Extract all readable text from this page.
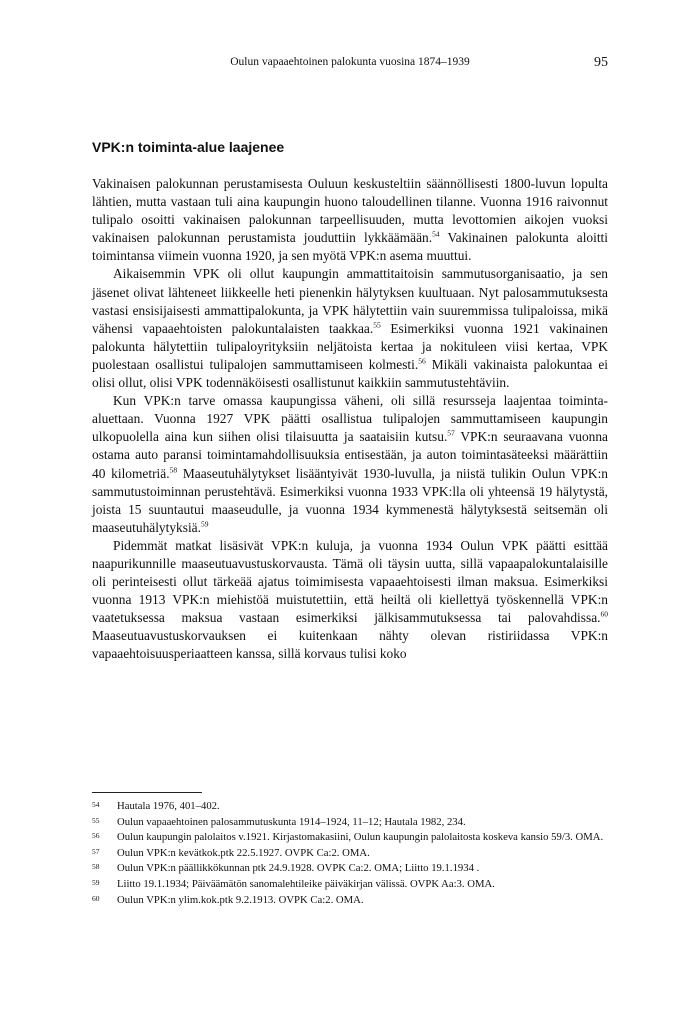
Oulun vapaaehtoinen palokunta vuosina 1874–1939	95
VPK:n toiminta-alue laajenee

Vakinaisen palokunnan perustamisesta Ouluun keskusteltiin säännöllisesti 1800-luvun lopulta lähtien, mutta vastaan tuli aina kaupungin huono taloudellinen tilanne. Vuonna 1916 raivonnut tulipalo osoitti vakinaisen palokunnan tarpeellisuuden, mutta levottomien aikojen vuoksi vakinaisen palokunnan perustamista jouduttiin lykkäämään.$^{54}$ Vakinainen palokunta aloitti toimintansa viimein vuonna 1920, ja sen myötä VPK:n asema muuttui.

Aikaisemmin VPK oli ollut kaupungin ammattitaitoisin sammutusorganisaatio, ja sen jäsenet olivat lähteneet liikkeelle heti pienenkin hälytyksen kuultuaan. Nyt palosammutuksesta vastasi ensisijaisesti ammattipalokunta, ja VPK hälytettiin vain suuremmissa tulipaloissa, mikä vähensi vapaaehtoisten palokuntalaisten taakkaa.$^{55}$ Esimerkiksi vuonna 1921 vakinainen palokunta hälytettiin tulipaloyrityksiin neljätoista kertaa ja nokituleen viisi kertaa, VPK puolestaan osallistui tulipalojen sammuttamiseen kolmesti.$^{56}$ Mikäli vakinaista palokuntaa ei olisi ollut, olisi VPK todennäköisesti osallistunut kaikkiin sammutustehtäviin.

Kun VPK:n tarve omassa kaupungissa väheni, oli sillä resursseja laajentaa toiminta-aluettaan. Vuonna 1927 VPK päätti osallistua tulipalojen sammuttamiseen kaupungin ulkopuolella aina kun siihen olisi tilaisuutta ja saataisiin kutsu.$^{57}$ VPK:n seuraavana vuonna ostama auto paransi toimintamahdollisuuksia entisestään, ja auton toimintasäteeksi määrättiin 40 kilometriä.$^{58}$ Maaseutuhälytykset lisääntyivät 1930-luvulla, ja niistä tulikin Oulun VPK:n sammutustoiminnan perustehtävä. Esimerkiksi vuonna 1933 VPK:lla oli yhteensä 19 hälytystä, joista 15 suuntautui maaseudulle, ja vuonna 1934 kymmenestä hälytyksestä seitsemän oli maaseutuhälytyksiä.$^{59}$

Pidemmät matkat lisäsivät VPK:n kuluja, ja vuonna 1934 Oulun VPK päätti esittää naapurikunnille maaseutuavustuskorvausta. Tämä oli täysin uutta, sillä vapaapalokuntalaisille oli perinteisesti ollut tärkeää ajatus toimimisesta vapaaehtoisesti ilman maksua. Esimerkiksi vuonna 1913 VPK:n miehistöä muistutettiin, että heiltä oli kiellettyä työskennellä VPK:n vaatetuksessa maksua vastaan esimerkiksi jälkisammutuksessa tai palovahdissa.$^{60}$ Maaseutuavustuskorvauksen ei kuitenkaan nähty olevan ristiriidassa VPK:n vapaaehtoisuusperiaatteen kanssa, sillä korvaus tulisi koko

54 Hautala 1976, 401–402.

55 Oulun vapaaehtoinen palosammutuskunta 1914–1924, 11–12; Hautala 1982, 234.

56 Oulun kaupungin palolaitos v.1921. Kirjastomakasiini, Oulun kaupungin palolaitosta koskeva kansio 59/3. OMA.

57 Oulun VPK:n kevätkok.ptk 22.5.1927. OVPK Ca:2. OMA.

58 Oulun VPK:n päällikkökunnan ptk 24.9.1928. OVPK Ca:2. OMA; Liitto 19.1.1934 .

59 Liitto 19.1.1934; Päiväämätön sanomalehtileike päiväkirjan välissä. OVPK Aa:3. OMA.

60 Oulun VPK:n ylim.kok.ptk 9.2.1913. OVPK Ca:2. OMA.
